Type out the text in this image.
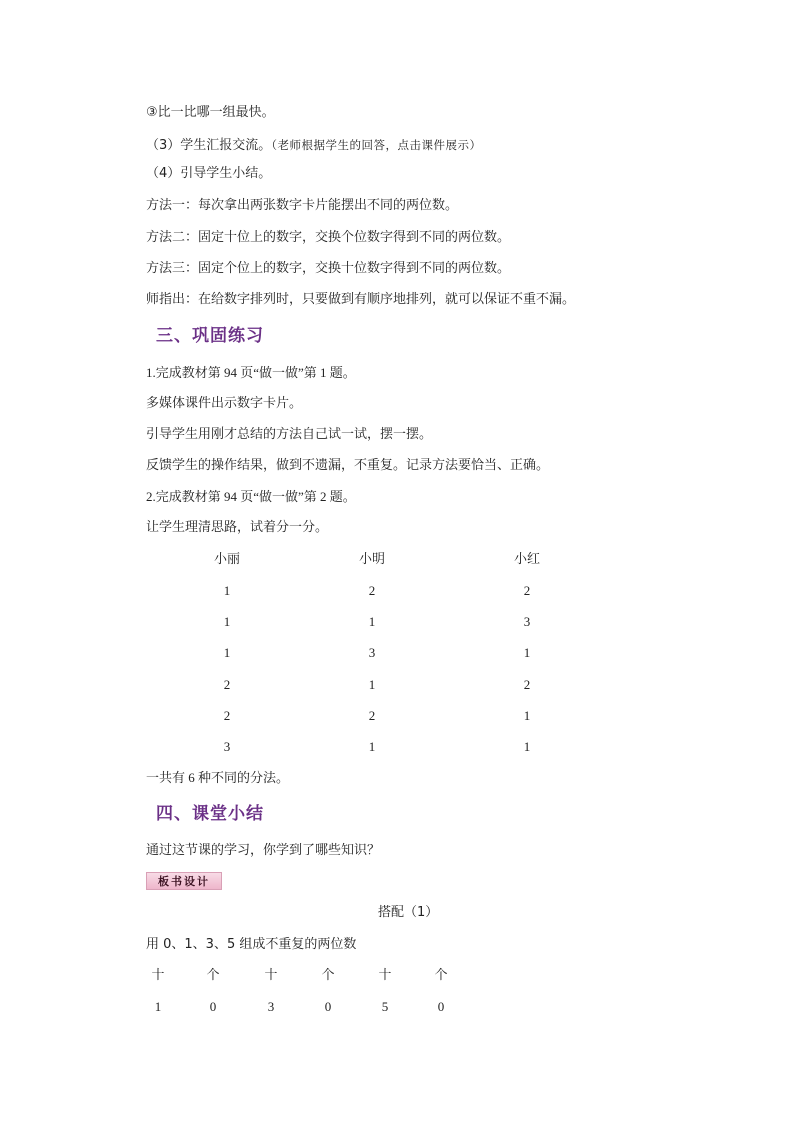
③比一比哪一组最快。
（3）学生汇报交流。（老师根据学生的回答，点击课件展示）
（4）引导学生小结。
方法一：每次拿出两张数字卡片能摆出不同的两位数。
方法二：固定十位上的数字，交换个位数字得到不同的两位数。
方法三：固定个位上的数字，交换十位数字得到不同的两位数。
师指出：在给数字排列时，只要做到有顺序地排列，就可以保证不重不漏。
三、巩固练习
1.完成教材第 94 页“做一做”第 1 题。
多媒体课件出示数字卡片。
引导学生用刚才总结的方法自己试一试，摆一摆。
反馈学生的操作结果，做到不遗漏，不重复。记录方法要恰当、正确。
2.完成教材第 94 页“做一做”第 2 题。
让学生理清思路，试着分一分。
小丽	小明	小红
1	2	2
1	1	3
1	3	1
2	1	2
2	2	1
3	1	1
一共有 6 种不同的分法。
四、课堂小结
通过这节课的学习，你学到了哪些知识？
板书设计
搭配（1）
用 0、1、3、5 组成不重复的两位数
十	个	十	个	十	个
1	0	3	0	5	0
